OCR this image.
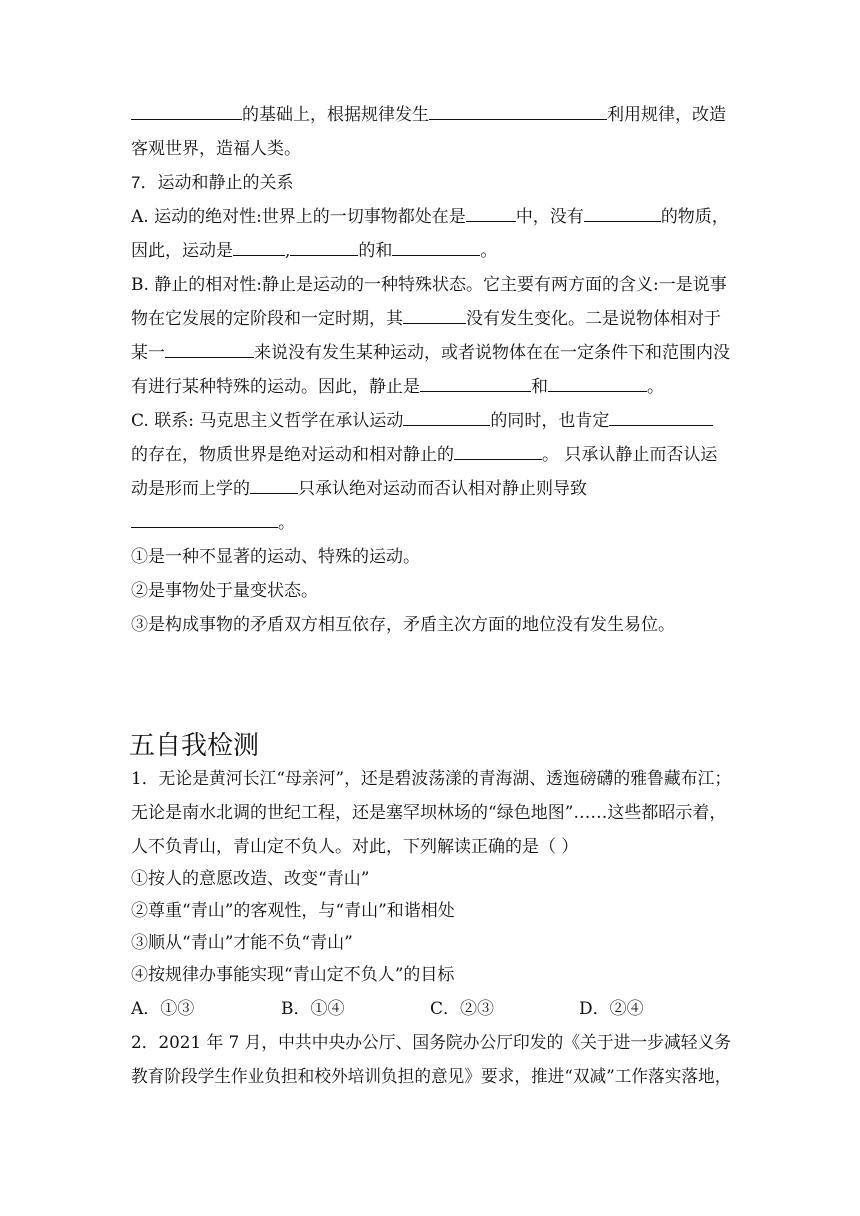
的基础上，根据规律发生	利用规律，改造
客观世界，造福人类。
7．运动和静止的关系
A. 运动的绝对性:世界上的一切事物都处在是	中，没有	的物质，
因此，运动是	,	的和	。
B. 静止的相对性:静止是运动的一种特殊状态。它主要有两方面的含义:一是说事
物在它发展的定阶段和一定时期，其	没有发生变化。二是说物体相对于
某一	来说没有发生某种运动，或者说物体在在一定条件下和范围内没
有进行某种特殊的运动。因此，静止是	和	。
C. 联系: 马克思主义哲学在承认运动	的同时，也肯定
的存在，物质世界是绝对运动和相对静止的	。 只承认静止而否认运
动是形而上学的	只承认绝对运动而否认相对静止则导致
。
①是一种不显著的运动、特殊的运动。
②是事物处于量变状态。
③是构成事物的矛盾双方相互依存，矛盾主次方面的地位没有发生易位。
五自我检测
1．无论是黄河长江“母亲河”，还是碧波荡漾的青海湖、透迤磅礴的雅鲁藏布江；
无论是南水北调的世纪工程，还是塞罕坝林场的“绿色地图”……这些都昭示着，
人不负青山，青山定不负人。对此，下列解读正确的是（ ）
①按人的意愿改造、改变“青山”
②尊重“青山”的客观性，与“青山”和谐相处
③顺从“青山”才能不负“青山”
④按规律办事能实现“青山定不负人”的目标
A．①③	B．①④	C．②③	D．②④
2．2021 年 7 月，中共中央办公厅、国务院办公厅印发的《关于进一步减轻义务
教育阶段学生作业负担和校外培训负担的意见》要求，推进“双减”工作落实落地，
